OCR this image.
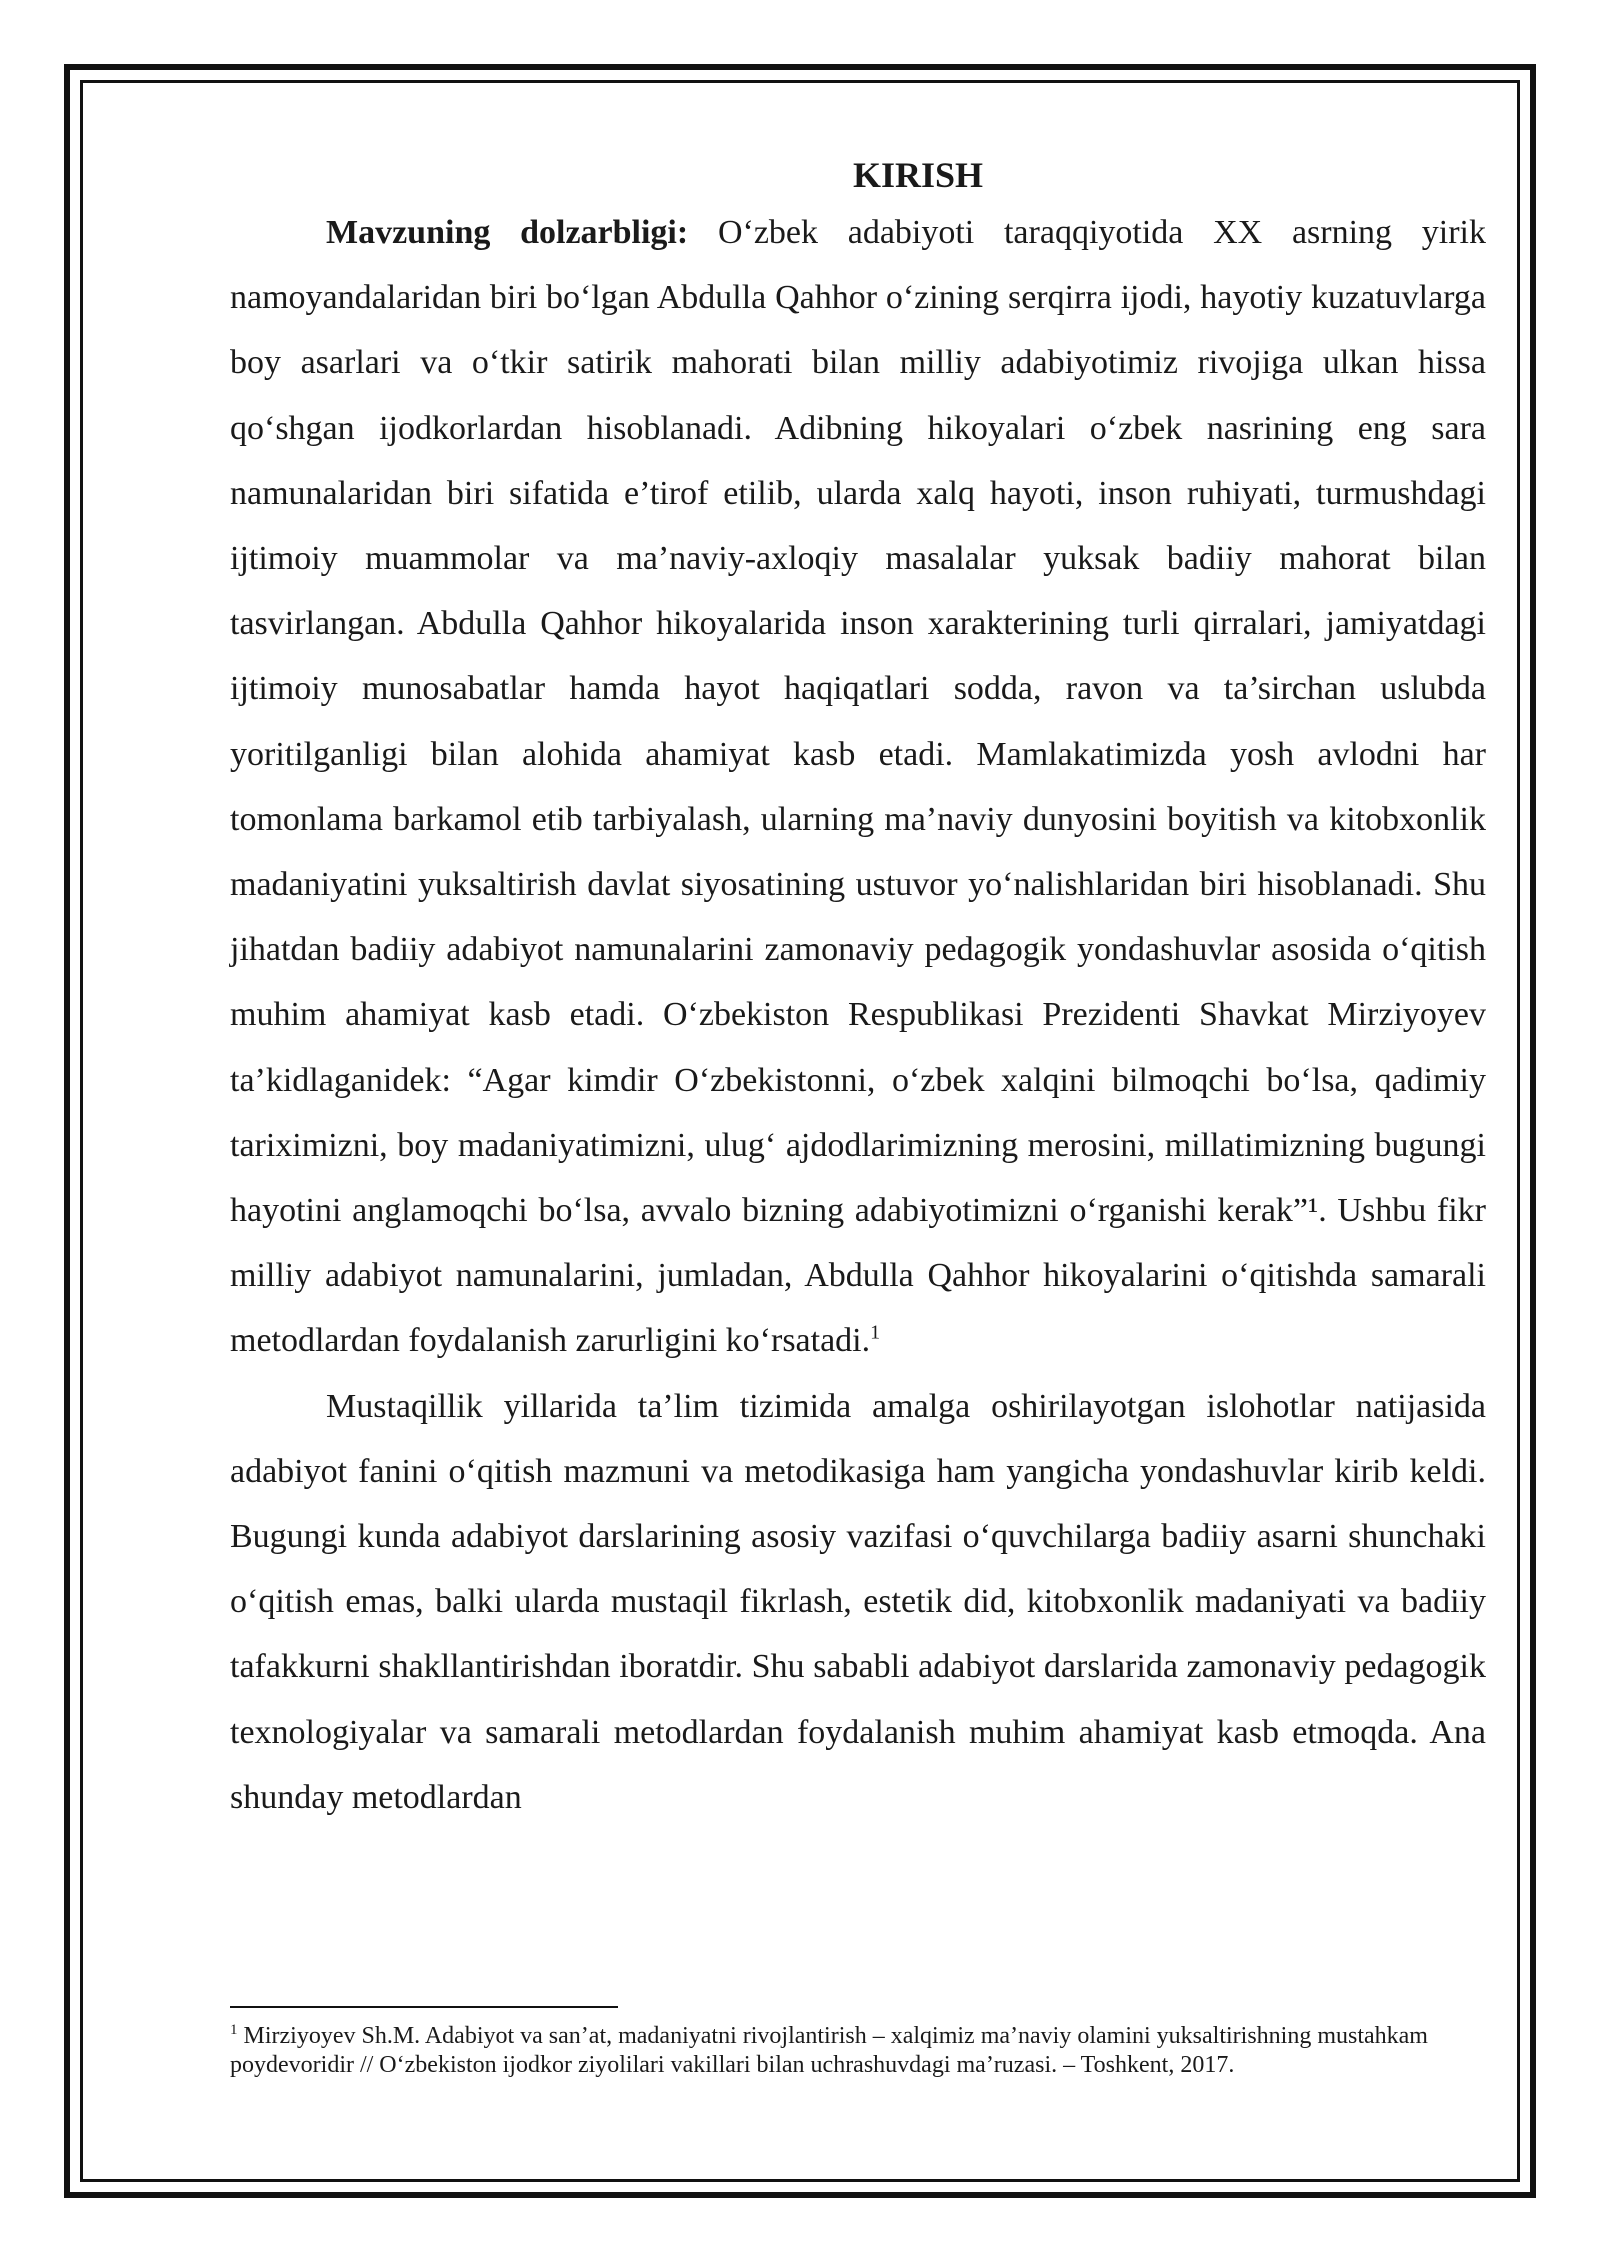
KIRISH

Mavzuning dolzarbligi: O‘zbek adabiyoti taraqqiyotida XX asrning yirik namoyandalaridan biri bo‘lgan Abdulla Qahhor o‘zining serqirra ijodi, hayotiy kuzatuvlarga boy asarlari va o‘tkir satirik mahorati bilan milliy adabiyotimiz rivojiga ulkan hissa qo‘shgan ijodkorlardan hisoblanadi. Adibning hikoyalari o‘zbek nasrining eng sara namunalaridan biri sifatida e’tirof etilib, ularda xalq hayoti, inson ruhiyati, turmushdagi ijtimoiy muammolar va ma’naviy-axloqiy masalalar yuksak badiiy mahorat bilan tasvirlangan. Abdulla Qahhor hikoyalarida inson xarakterining turli qirralari, jamiyatdagi ijtimoiy munosabatlar hamda hayot haqiqatlari sodda, ravon va ta’sirchan uslubda yoritilganligi bilan alohida ahamiyat kasb etadi. Mamlakatimizda yosh avlodni har tomonlama barkamol etib tarbiyalash, ularning ma’naviy dunyosini boyitish va kitobxonlik madaniyatini yuksaltirish davlat siyosatining ustuvor yo‘nalishlaridan biri hisoblanadi. Shu jihatdan badiiy adabiyot namunalarini zamonaviy pedagogik yondashuvlar asosida o‘qitish muhim ahamiyat kasb etadi. O‘zbekiston Respublikasi Prezidenti Shavkat Mirziyoyev ta’kidlaganidek: “Agar kimdir O‘zbekistonni, o‘zbek xalqini bilmoqchi bo‘lsa, qadimiy tariximizni, boy madaniyatimizni, ulug‘ ajdodlarimizning merosini, millatimizning bugungi hayotini anglamoqchi bo‘lsa, avvalo bizning adabiyotimizni o‘rganishi kerak”¹. Ushbu fikr milliy adabiyot namunalarini, jumladan, Abdulla Qahhor hikoyalarini o‘qitishda samarali metodlardan foydalanish zarurligini ko‘rsatadi.$^1$

Mustaqillik yillarida ta’lim tizimida amalga oshirilayotgan islohotlar natijasida adabiyot fanini o‘qitish mazmuni va metodikasiga ham yangicha yondashuvlar kirib keldi. Bugungi kunda adabiyot darslarining asosiy vazifasi o‘quvchilarga badiiy asarni shunchaki o‘qitish emas, balki ularda mustaqil fikrlash, estetik did, kitobxonlik madaniyati va badiiy tafakkurni shakllantirishdan iboratdir. Shu sababli adabiyot darslarida zamonaviy pedagogik texnologiyalar va samarali metodlardan foydalanish muhim ahamiyat kasb etmoqda. Ana shunday metodlardan

$^1$ Mirziyoyev Sh.M. Adabiyot va san’at, madaniyatni rivojlantirish – xalqimiz ma’naviy olamini yuksaltirishning mustahkam poydevoridir // O‘zbekiston ijodkor ziyolilari vakillari bilan uchrashuvdagi ma’ruzasi. – Toshkent, 2017.
